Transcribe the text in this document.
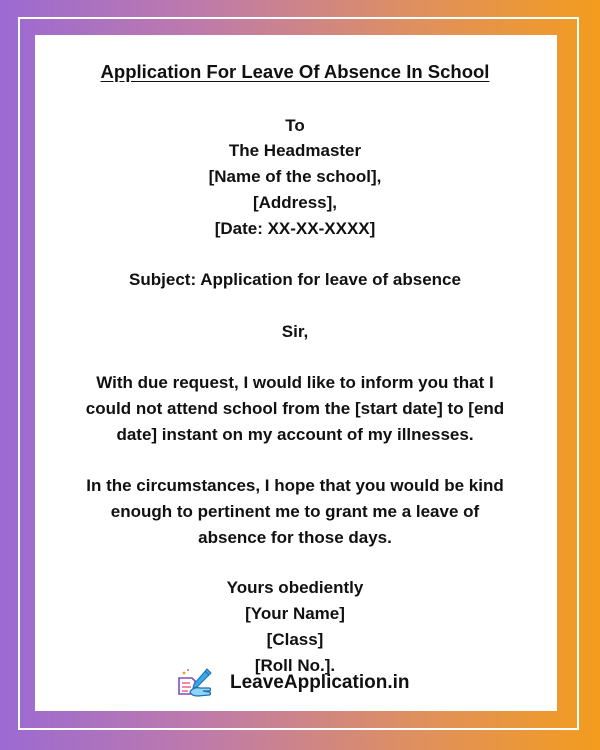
Application For Leave Of Absence In School
To
The Headmaster
[Name of the school],
[Address],
[Date: XX-XX-XXXX]
Subject: Application for leave of absence
Sir,
With due request, I would like to inform you that I
could not attend school from the [start date] to [end
date] instant on my account of my illnesses.
In the circumstances, I hope that you would be kind
enough to pertinent me to grant me a leave of
absence for those days.
Yours obediently
[Your Name]
[Class]
[Roll No.].
LeaveApplication.in
